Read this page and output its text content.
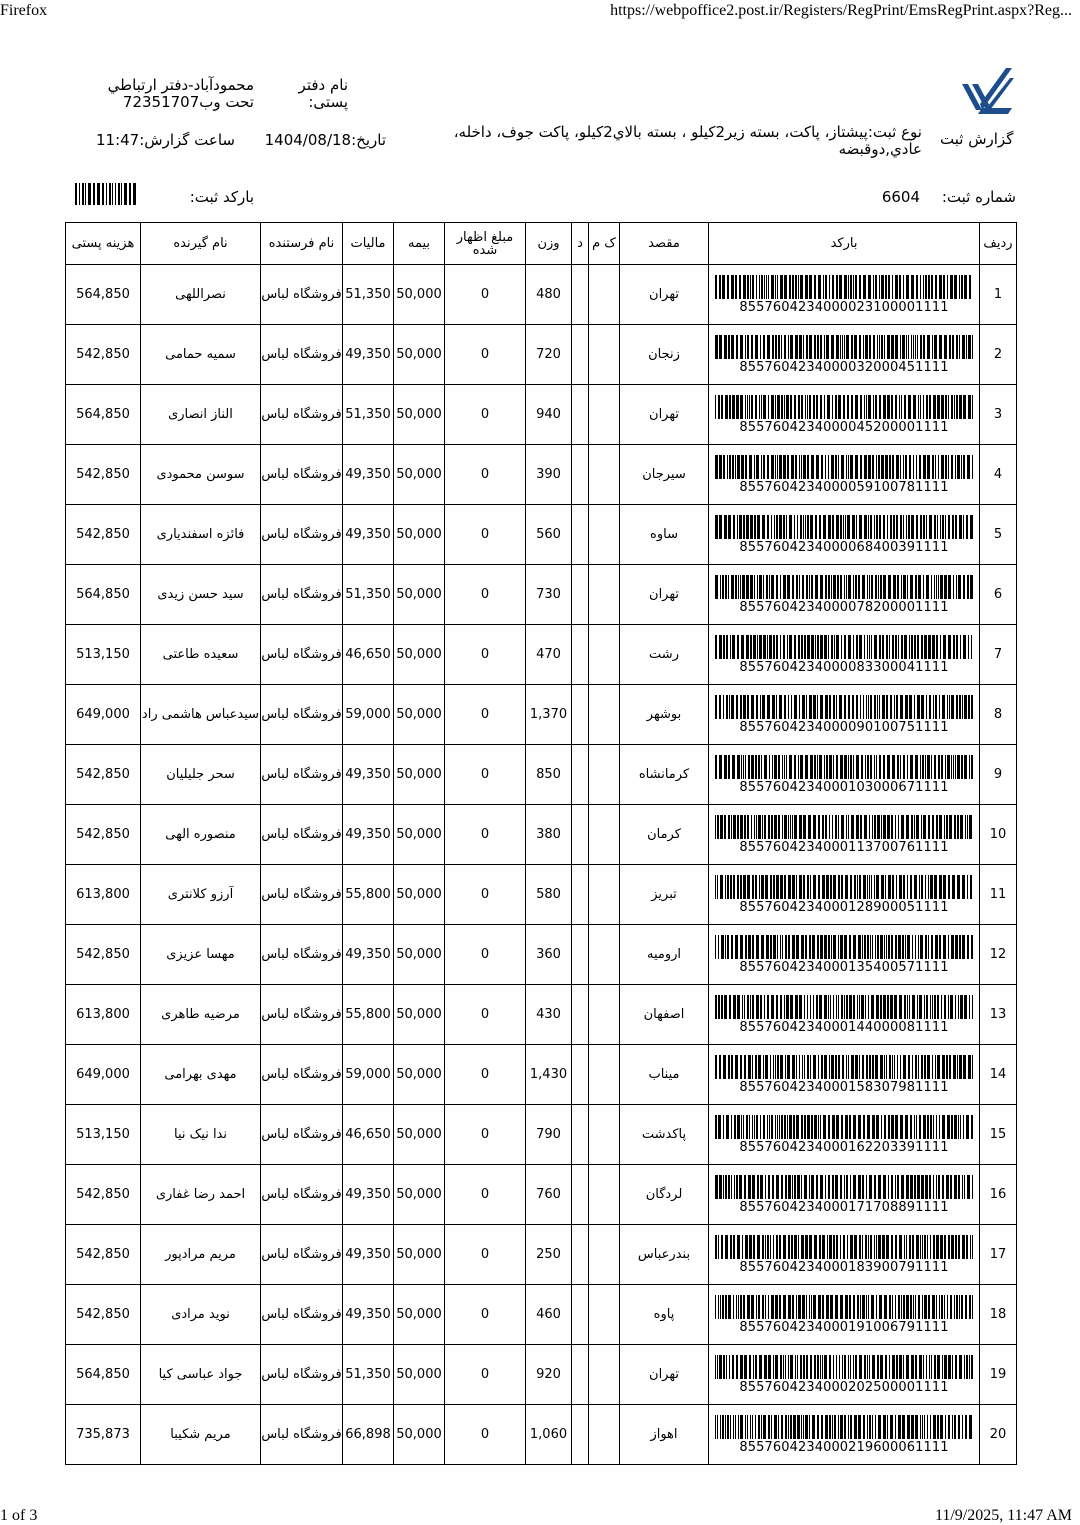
Firefox	https://webpoffice2.post.ir/Registers/RegPrint/EmsRegPrint.aspx?Reg...
گزارش ثبت
نوع ثبت:پیشتاز، پاکت، بسته زیر2کیلو ، بسته بالاي2کیلو، پاکت جوف، داخله،
عادي,دوقبضه
نام دفتر
پستی:
محمودآباد-دفتر ارتباطي
تحت وب72351707
تاریخ:1404/08/18
ساعت گزارش:11:47
شماره ثبت:
6604
بارکد ثبت:
ردیف	بارکد	مقصد	ک م	د	وزن	مبلغ اظهار شده	بیمه	مالیات	نام فرستنده	نام گیرنده	هزینه پستی
1	8557604234000023100001111	تهران			480	0	50,000	51,350	فروشگاه لباس	نصراللهی	564,850
2	8557604234000032000451111	زنجان			720	0	50,000	49,350	فروشگاه لباس	سمیه حمامی	542,850
3	8557604234000045200001111	تهران			940	0	50,000	51,350	فروشگاه لباس	الناز انصاری	564,850
4	8557604234000059100781111	سیرجان			390	0	50,000	49,350	فروشگاه لباس	سوسن محمودی	542,850
5	8557604234000068400391111	ساوه			560	0	50,000	49,350	فروشگاه لباس	فائزه اسفندیاری	542,850
6	8557604234000078200001111	تهران			730	0	50,000	51,350	فروشگاه لباس	سید حسن زیدی	564,850
7	8557604234000083300041111	رشت			470	0	50,000	46,650	فروشگاه لباس	سعیده طاعتی	513,150
8	8557604234000090100751111	بوشهر			1,370	0	50,000	59,000	فروشگاه لباس	سیدعباس هاشمی راد	649,000
9	8557604234000103000671111	کرمانشاه			850	0	50,000	49,350	فروشگاه لباس	سحر جلیلیان	542,850
10	8557604234000113700761111	کرمان			380	0	50,000	49,350	فروشگاه لباس	منصوره الهی	542,850
11	8557604234000128900051111	تبریز			580	0	50,000	55,800	فروشگاه لباس	آرزو کلانتری	613,800
12	8557604234000135400571111	ارومیه			360	0	50,000	49,350	فروشگاه لباس	مهسا عزیزی	542,850
13	8557604234000144000081111	اصفهان			430	0	50,000	55,800	فروشگاه لباس	مرضیه طاهری	613,800
14	8557604234000158307981111	میناب			1,430	0	50,000	59,000	فروشگاه لباس	مهدی بهرامی	649,000
15	8557604234000162203391111	پاکدشت			790	0	50,000	46,650	فروشگاه لباس	ندا نیک نیا	513,150
16	8557604234000171708891111	لردگان			760	0	50,000	49,350	فروشگاه لباس	احمد رضا غفاری	542,850
17	8557604234000183900791111	بندرعباس			250	0	50,000	49,350	فروشگاه لباس	مریم مرادپور	542,850
18	8557604234000191006791111	پاوه			460	0	50,000	49,350	فروشگاه لباس	نوید مرادی	542,850
19	8557604234000202500001111	تهران			920	0	50,000	51,350	فروشگاه لباس	جواد عباسی کیا	564,850
20	8557604234000219600061111	اهواز			1,060	0	50,000	66,898	فروشگاه لباس	مریم شکیبا	735,873
1 of 3	11/9/2025, 11:47 AM
